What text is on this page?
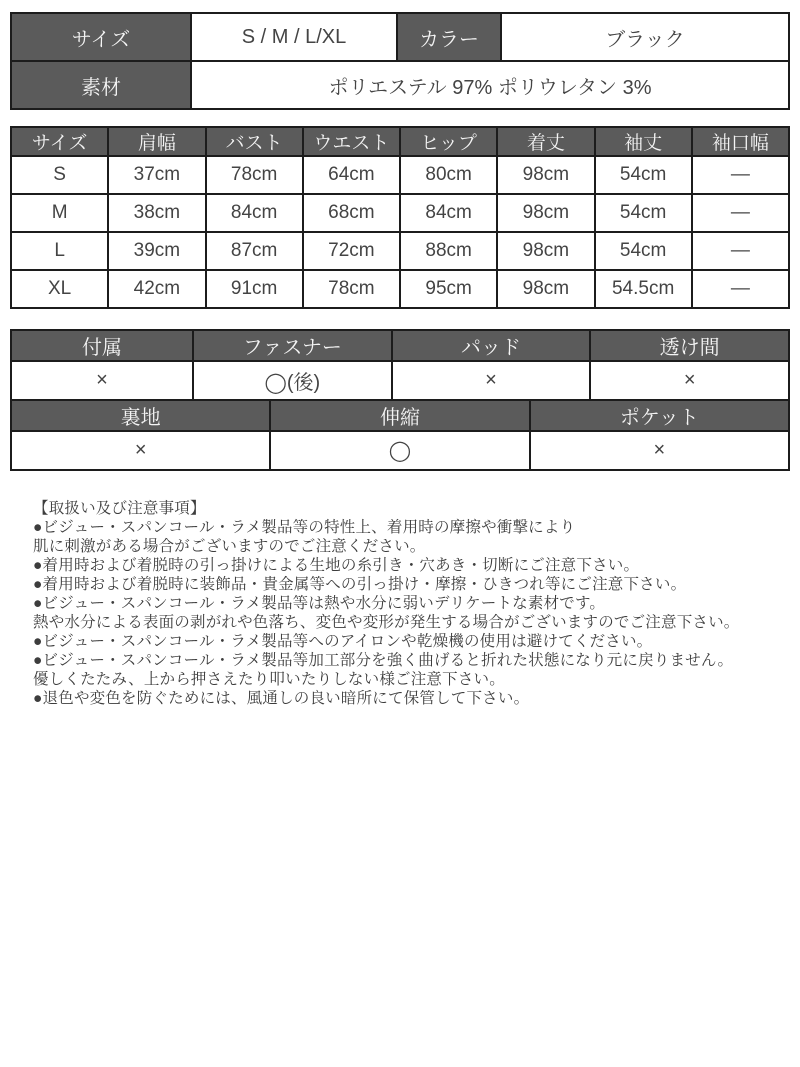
サイズ	S / M / L/XL	カラー	ブラック
素材	ポリエステル 97% ポリウレタン 3%		
サイズ	肩幅	バスト	ウエスト	ヒップ	着丈	袖丈	袖口幅
S	37cm	78cm	64cm	80cm	98cm	54cm	―
M	38cm	84cm	68cm	84cm	98cm	54cm	―
L	39cm	87cm	72cm	88cm	98cm	54cm	―
XL	42cm	91cm	78cm	95cm	98cm	54.5cm	―
付属	ファスナー	パッド	透け間
×	◯(後)	×	×
裏地	伸縮	ポケット
×	◯	×
【取扱い及び注意事項】
●ビジュー・スパンコール・ラメ製品等の特性上、着用時の摩擦や衝撃により
肌に刺激がある場合がございますのでご注意ください。
●着用時および着脱時の引っ掛けによる生地の糸引き・穴あき・切断にご注意下さい。
●着用時および着脱時に装飾品・貴金属等への引っ掛け・摩擦・ひきつれ等にご注意下さい。
●ビジュー・スパンコール・ラメ製品等は熱や水分に弱いデリケートな素材です。
熱や水分による表面の剥がれや色落ち、変色や変形が発生する場合がございますのでご注意下さい。
●ビジュー・スパンコール・ラメ製品等へのアイロンや乾燥機の使用は避けてください。
●ビジュー・スパンコール・ラメ製品等加工部分を強く曲げると折れた状態になり元に戻りません。
優しくたたみ、上から押さえたり叩いたりしない様ご注意下さい。
●退色や変色を防ぐためには、風通しの良い暗所にて保管して下さい。
